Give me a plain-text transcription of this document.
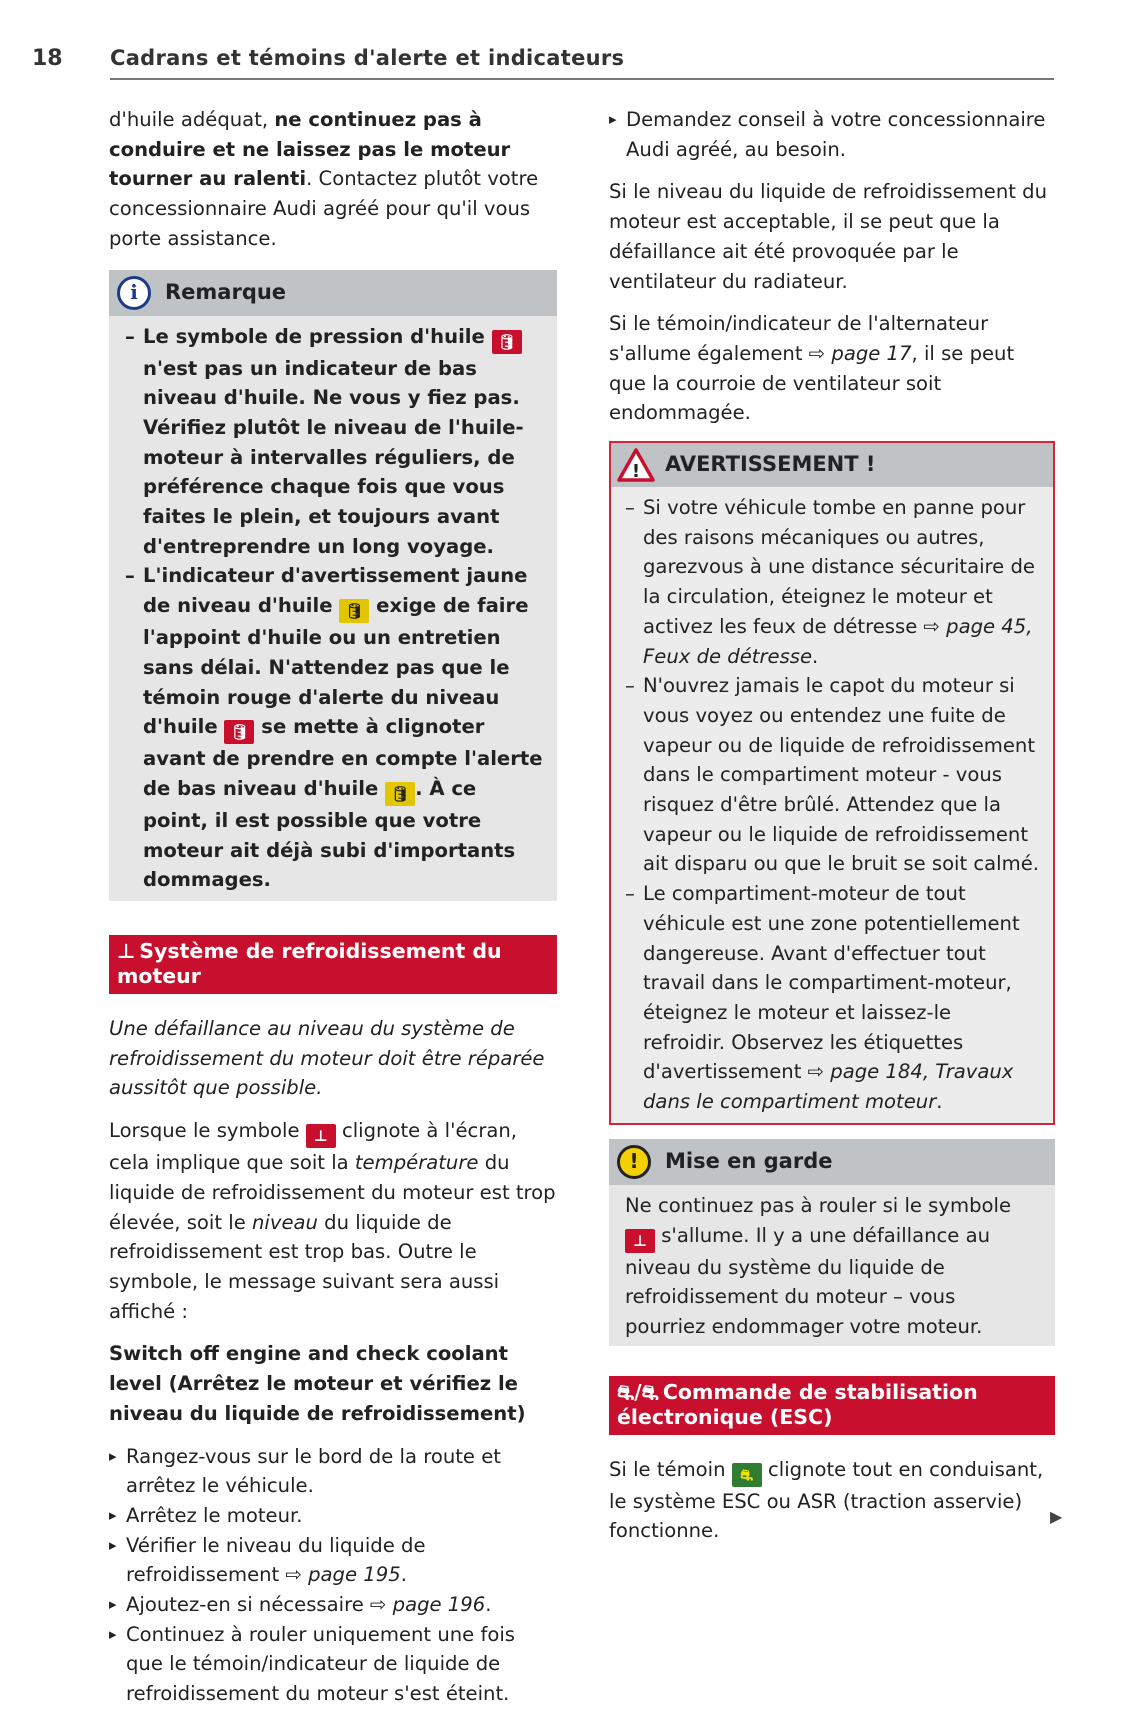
18 Cadrans et témoins d'alerte et indicateurs

d'huile adéquat, ne continuez pas à conduire et ne laissez pas le moteur tourner au ralenti. Contactez plutôt votre concessionnaire Audi agréé pour qu'il vous porte assistance.

i	Remarque
– Le symbole de pression d'huile 🛢 n'est pas un indicateur de bas niveau d'huile. Ne vous y fiez pas. Vérifiez plutôt le niveau de l'huile-moteur à intervalles réguliers, de préférence chaque fois que vous faites le plein, et toujours avant d'entreprendre un long voyage.
– L'indicateur d'avertissement jaune de niveau d'huile 🛢 exige de faire l'appoint d'huile ou un entretien sans délai. N'attendez pas que le témoin rouge d'alerte du niveau d'huile 🛢 se mette à clignoter avant de prendre en compte l'alerte de bas niveau d'huile 🛢 . À ce point, il est possible que votre moteur ait déjà subi d'importants dommages.
⊥ Système de refroidissement du moteur

Une défaillance au niveau du système de refroidissement du moteur doit être réparée aussitôt que possible.

Lorsque le symbole ⊥ clignote à l'écran, cela implique que soit la température du liquide de refroidissement du moteur est trop élevée, soit le niveau du liquide de refroidissement est trop bas. Outre le symbole, le message suivant sera aussi affiché :

Switch off engine and check coolant level (Arrêtez le moteur et vérifiez le niveau du liquide de refroidissement)

▸ Rangez-vous sur le bord de la route et arrêtez le véhicule.
▸ Arrêtez le moteur.
▸ Vérifier le niveau du liquide de refroidissement ⇨ page 195.
▸ Ajoutez-en si nécessaire ⇨ page 196.
▸ Continuez à rouler uniquement une fois que le témoin/indicateur de liquide de refroidissement du moteur s'est éteint.
▸ Demandez conseil à votre concessionnaire Audi agréé, au besoin.

Si le niveau du liquide de refroidissement du moteur est acceptable, il se peut que la défaillance ait été provoquée par le ventilateur du radiateur.

Si le témoin/indicateur de l'alternateur s'allume également ⇨ page 17, il se peut que la courroie de ventilateur soit endommagée.

! AVERTISSEMENT !
– Si votre véhicule tombe en panne pour des raisons mécaniques ou autres, garezvous à une distance sécuritaire de la circulation, éteignez le moteur et activez les feux de détresse ⇨ page 45, Feux de détresse.
– N'ouvrez jamais le capot du moteur si vous voyez ou entendez une fuite de vapeur ou de liquide de refroidissement dans le compartiment moteur - vous risquez d'être brûlé. Attendez que la vapeur ou le liquide de refroidissement ait disparu ou que le bruit se soit calmé.
– Le compartiment-moteur de tout véhicule est une zone potentiellement dangereuse. Avant d'effectuer tout travail dans le compartiment-moteur, éteignez le moteur et laissez-le refroidir. Observez les étiquettes d'avertissement ⇨ page 184, Travaux dans le compartiment moteur.
!	Mise en garde
Ne continuez pas à rouler si le symbole ⊥ s'allume. Il y a une défaillance au niveau du système du liquide de refroidissement du moteur – vous pourriez endommager votre moteur.
⛐/⛐ Commande de stabilisation électronique (ESC)

Si le témoin ⛐ clignote tout en conduisant, le système ESC ou ASR (traction asservie) fonctionne.

▶
